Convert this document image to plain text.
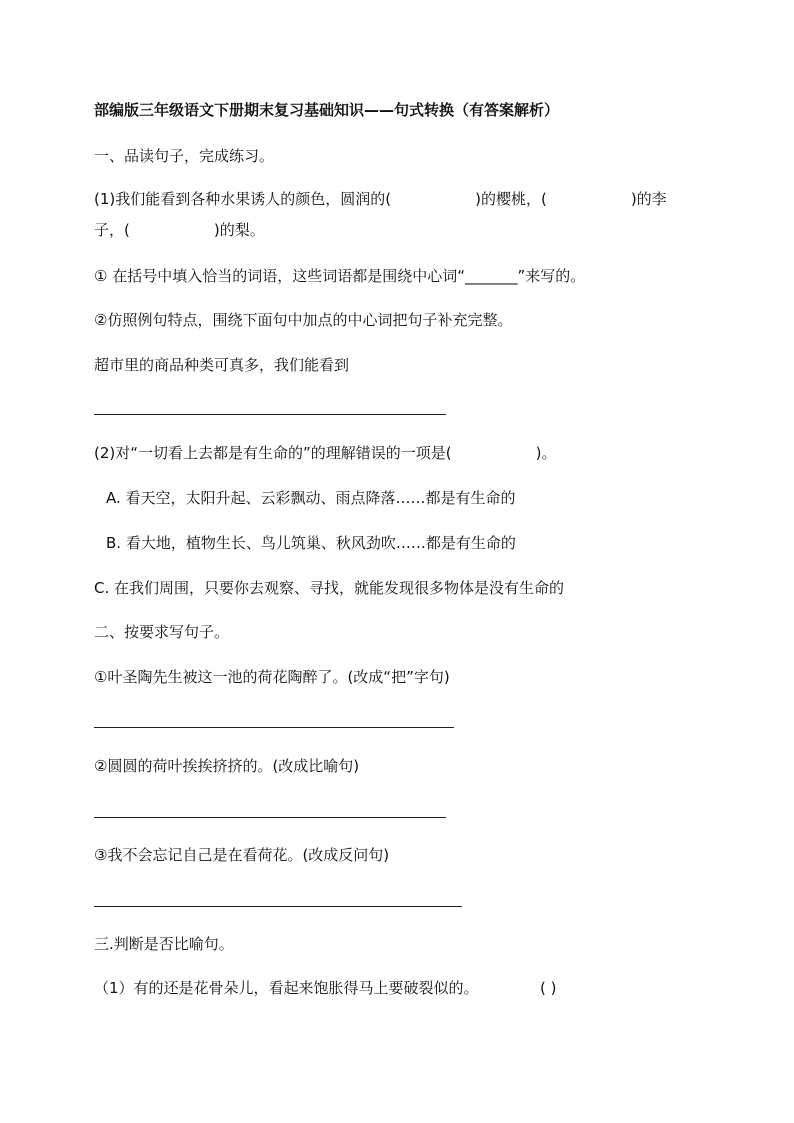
部编版三年级语文下册期末复习基础知识——句式转换（有答案解析）
一、品读句子，完成练习。
(1)我们能看到各种水果诱人的颜色，圆润的(	)的樱桃，(	)的李
子，(	)的梨。
① 在括号中填入恰当的词语，这些词语都是围绕中心词“_______”来写的。
②仿照例句特点，围绕下面句中加点的中心词把句子补充完整。
超市里的商品种类可真多，我们能看到
(2)对“一切看上去都是有生命的”的理解错误的一项是(	)。
A. 看天空，太阳升起、云彩飘动、雨点降落……都是有生命的
B. 看大地，植物生长、鸟儿筑巢、秋风劲吹……都是有生命的
C. 在我们周围，只要你去观察、寻找，就能发现很多物体是没有生命的
二、按要求写句子。
①叶圣陶先生被这一池的荷花陶醉了。(改成“把”字句)
②圆圆的荷叶挨挨挤挤的。(改成比喻句)
③我不会忘记自己是在看荷花。(改成反问句)
三.判断是否比喻句。
（1）有的还是花骨朵儿，看起来饱胀得马上要破裂似的。	( )
